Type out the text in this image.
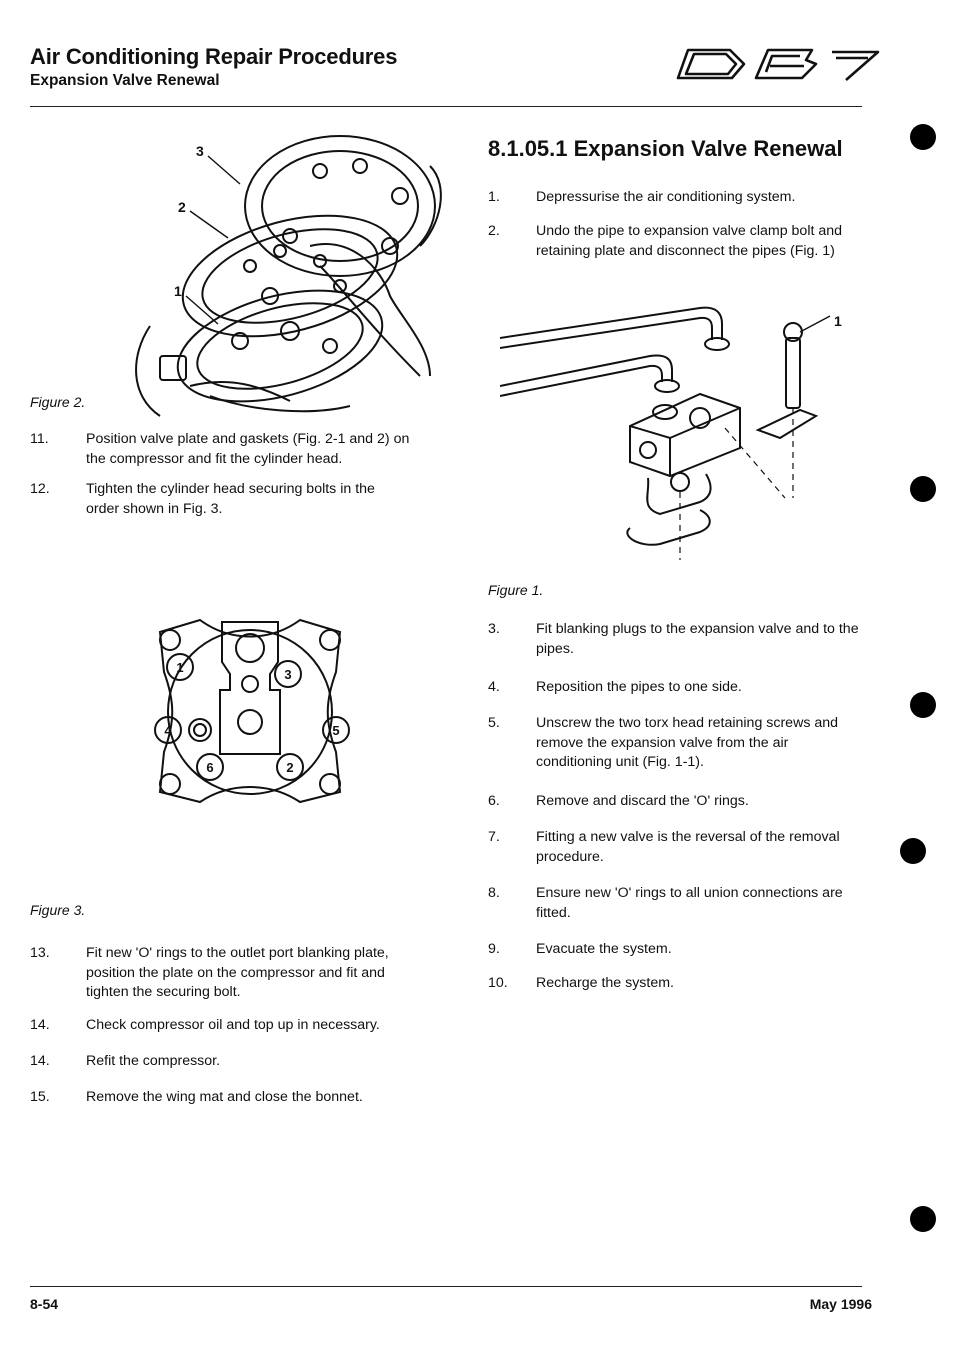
Air Conditioning Repair Procedures
Expansion Valve Renewal
3
2
1
Figure 2.
11.	Position valve plate and gaskets (Fig. 2-1 and 2) on
the compressor and fit the cylinder head.
12.	Tighten the cylinder head securing bolts in the
order shown in Fig. 3.
1
2
3
4	5
6
Figure 3.
13.	Fit new 'O' rings to the outlet port blanking plate,
position the plate on the compressor and fit and
tighten the securing bolt.
14.	Check compressor oil and top up in necessary.
14.	Refit the compressor.
15.	Remove the wing mat and close the bonnet.
8.1.05.1 Expansion Valve Renewal
1.	Depressurise the air conditioning system.
2.	Undo the pipe to expansion valve clamp bolt and
retaining plate and disconnect the pipes (Fig. 1)
1
Figure 1.
3.	Fit blanking plugs to the expansion valve and to the
pipes.
4.	Reposition the pipes to one side.
5.	Unscrew the two torx head retaining screws and
remove the expansion valve from the air
conditioning unit (Fig. 1-1).
6.	Remove and discard the 'O' rings.
7.	Fitting a new valve is the reversal of the removal
procedure.
8.	Ensure new 'O' rings to all union connections are
fitted.
9.	Evacuate the system.
10. Recharge the system.
8-54	May 1996
